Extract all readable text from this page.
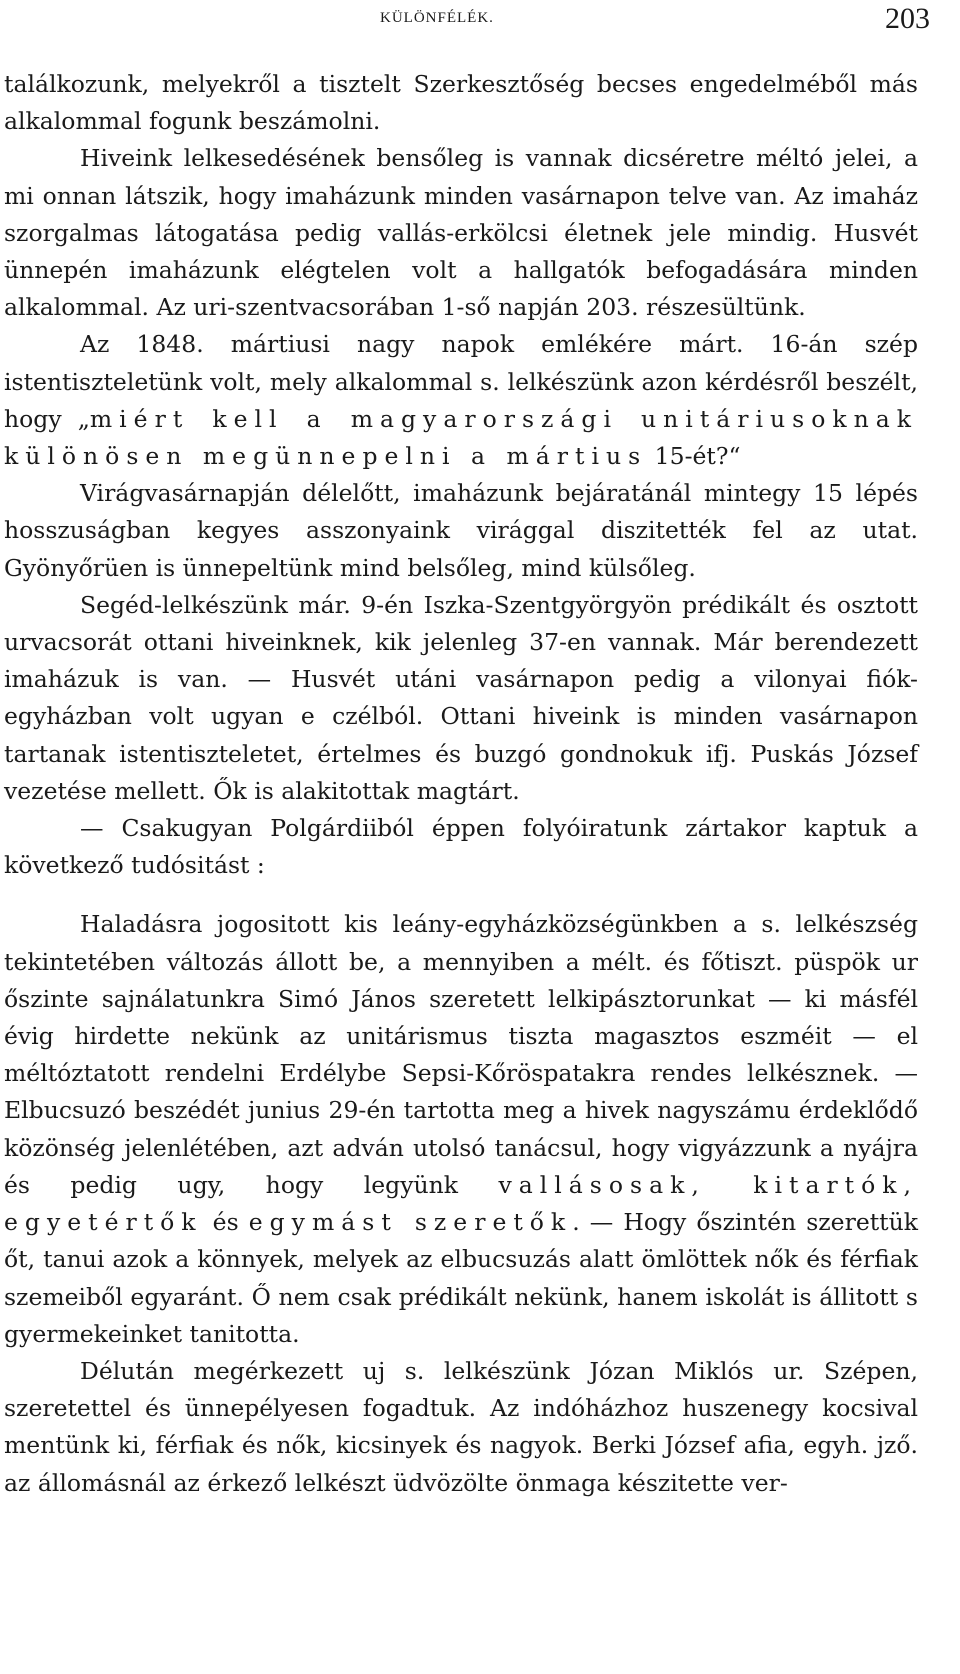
KÜLÖNFÉLÉK.	203

találkozunk, melyekről a tisztelt Szerkesztőség becses engedelméből más alkalommal fogunk beszámolni.

Hiveink lelkesedésének bensőleg is vannak dicséretre méltó jelei, a mi onnan látszik, hogy imaházunk minden vasárnapon telve van. Az imaház szorgalmas látogatása pedig vallás-erkölcsi életnek jele mindig. Husvét ünnepén imaházunk elégtelen volt a hallgatók befogadására minden alkalommal. Az uri-szentvacsorában 1-ső napján 203. részesültünk.

Az 1848. mártiusi nagy napok emlékére márt. 16-án szép istentiszteletünk volt, mely alkalommal s. lelkészünk azon kérdésről beszélt, hogy „miért kell a magyarországi unitáriusoknak különösen megünnepelni a mártius 15-ét?“

Virágvasárnapján délelőtt, imaházunk bejáratánál mintegy 15 lépés hosszuságban kegyes asszonyaink virággal diszitették fel az utat. Gyönyőrüen is ünnepeltünk mind belsőleg, mind külsőleg.

Segéd-lelkészünk már. 9-én Iszka-Szentgyörgyön prédikált és osztott urvacsorát ottani hiveinknek, kik jelenleg 37-en vannak. Már berendezett imaházuk is van. — Husvét utáni vasárnapon pedig a vilonyai fiók-egyházban volt ugyan e czélból. Ottani hiveink is minden vasárnapon tartanak istentiszteletet, értelmes és buzgó gondnokuk ifj. Puskás József vezetése mellett. Ők is alakitottak magtárt.

— Csakugyan Polgárdiiból éppen folyóiratunk zártakor kaptuk a következő tudósitást :

Haladásra jogositott kis leány-egyházközségünkben a s. lelkészség tekintetében változás állott be, a mennyiben a mélt. és főtiszt. püspök ur őszinte sajnálatunkra Simó János szeretett lelkipásztorunkat — ki másfél évig hirdette nekünk az unitárismus tiszta magasztos eszméit — el méltóztatott rendelni Erdélybe Sepsi-Kőröspatakra rendes lelkésznek. — Elbucsuzó beszédét junius 29-én tartotta meg a hivek nagyszámu érdeklődő közönség jelenlétében, azt adván utolsó tanácsul, hogy vigyázzunk a nyájra és pedig ugy, hogy legyünk vallásosak, kitartók, egyetértők és egymást szeretők. — Hogy őszintén szerettük őt, tanui azok a könnyek, melyek az elbucsuzás alatt ömlöttek nők és férfiak szemeiből egyaránt. Ő nem csak prédikált nekünk, hanem iskolát is állitott s gyermekeinket tanitotta.

Délután megérkezett uj s. lelkészünk Józan Miklós ur. Szépen, szeretettel és ünnepélyesen fogadtuk. Az indóházhoz huszenegy kocsival mentünk ki, férfiak és nők, kicsinyek és nagyok. Berki József afia, egyh. jző. az állomásnál az érkező lelkészt üdvözölte önmaga készitette ver-
